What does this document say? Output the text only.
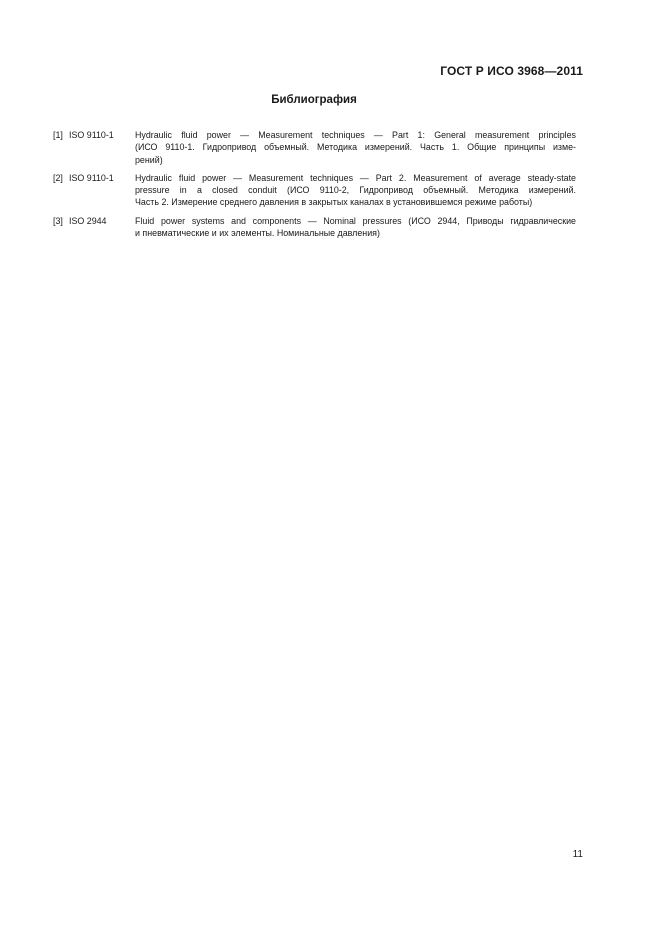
ГОСТ Р ИСО 3968—2011
Библиография
[1] ISO 9110-1	Hydraulic fluid power — Measurement techniques — Part 1: General measurement principles
(ИСО 9110-1. Гидропривод объемный. Методика измерений. Часть 1. Общие принципы изме-
рений)
[2] ISO 9110-1	Hydraulic fluid power — Measurement techniques — Part 2. Measurement of average steady-state
pressure in a closed conduit (ИСО 9110-2, Гидропривод объемный. Методика измерений.
Часть 2. Измерение среднего давления в закрытых каналах в установившемся режиме работы)
[3] ISO 2944	Fluid power systems and components — Nominal pressures (ИСО 2944, Приводы гидравлические
и пневматические и их элементы. Номинальные давления)
11
